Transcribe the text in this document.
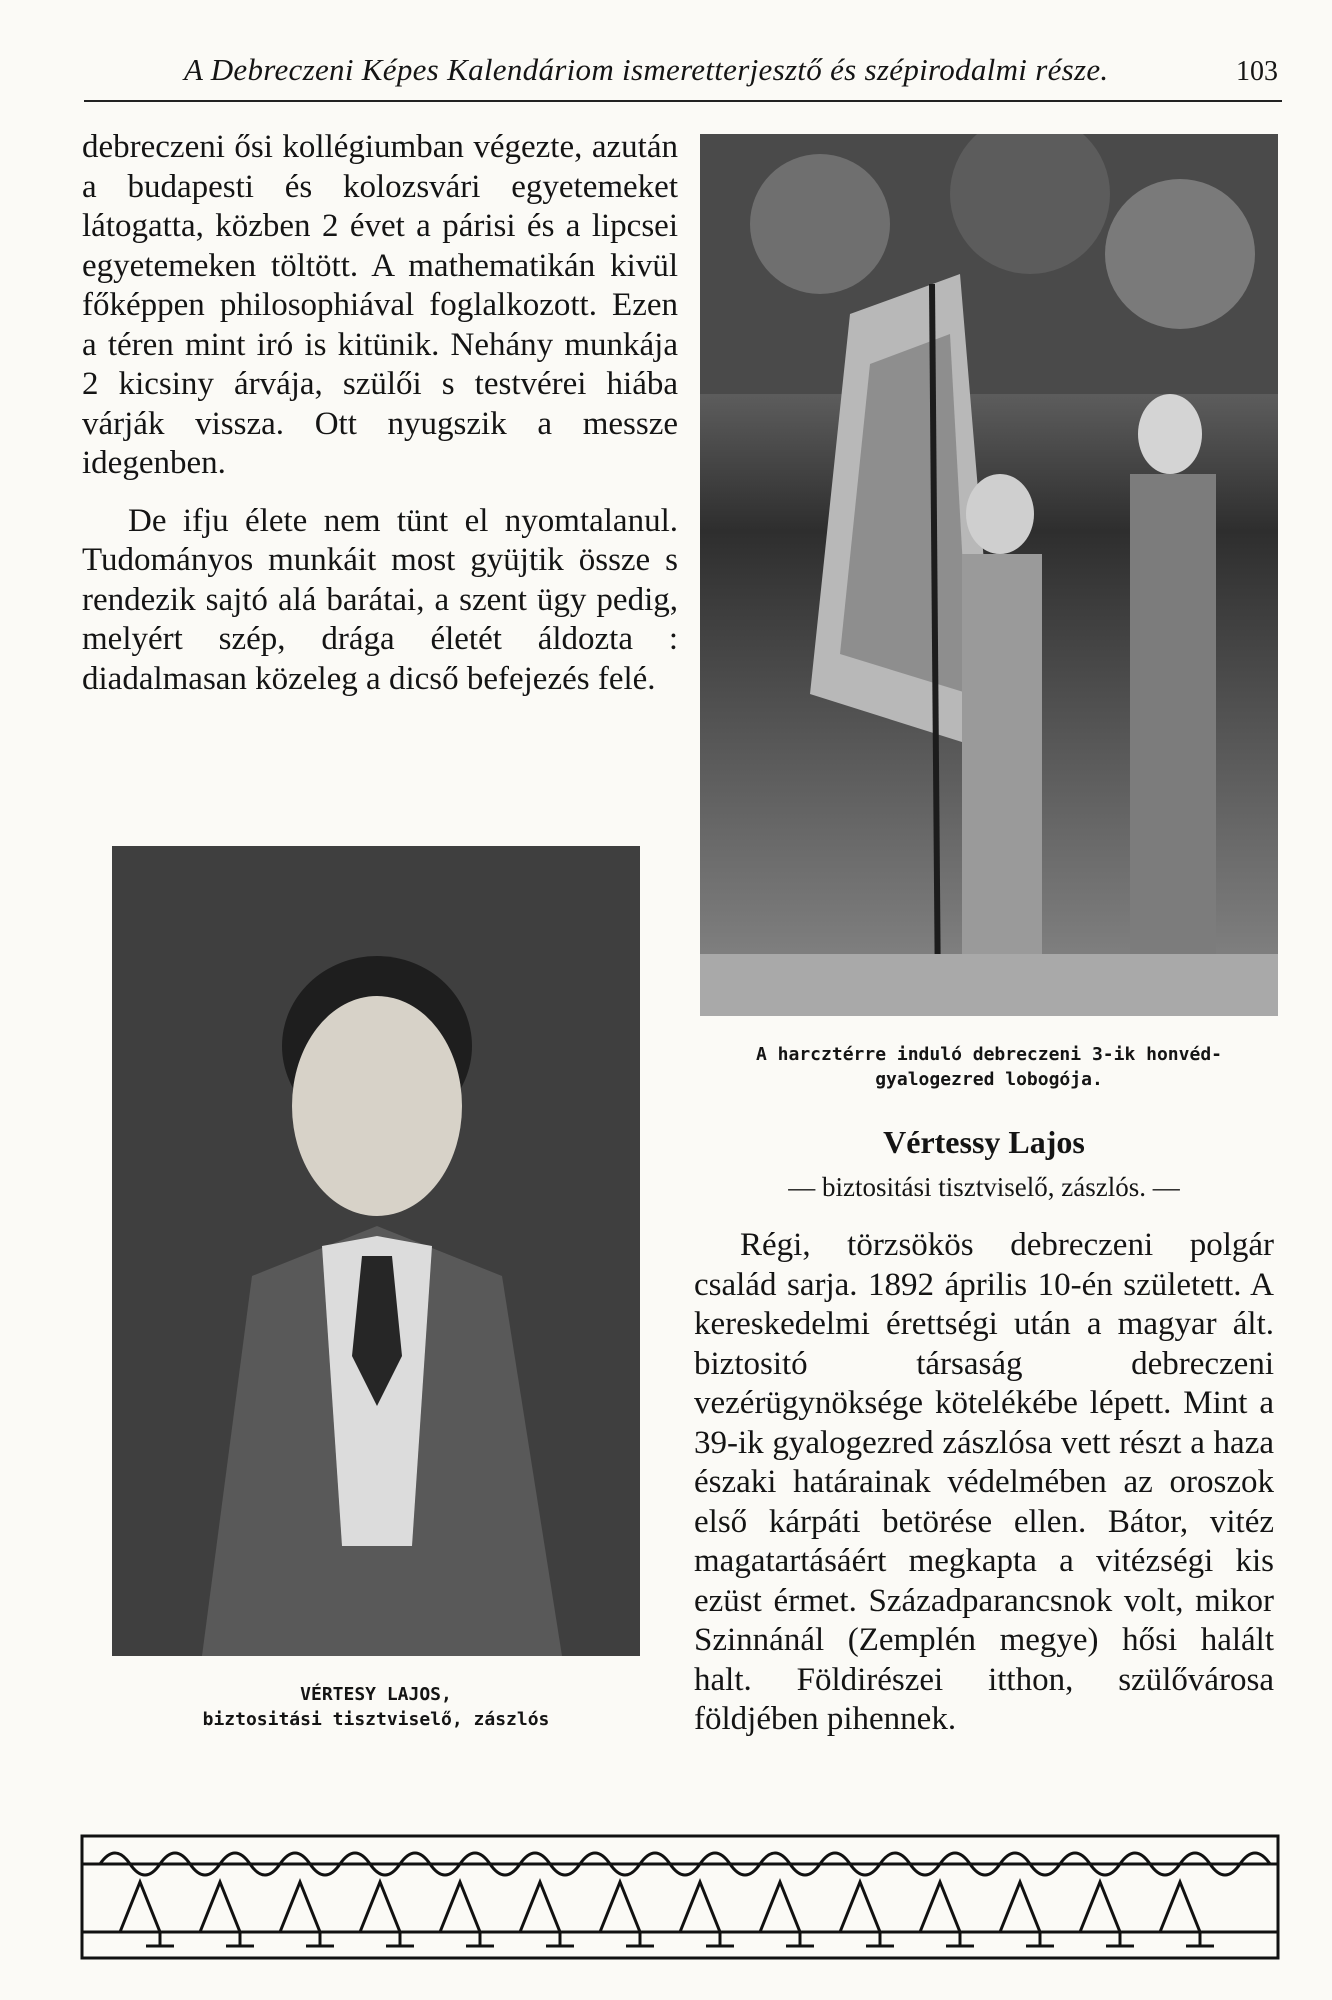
A Debreczeni Képes Kalendáriom ismeretterjesztő és szépirodalmi része.	103

debreczeni ősi kollégiumban végezte, azután a budapesti és kolozsvári egyetemeket látogatta, közben 2 évet a párisi és a lipcsei egyetemeken töltött. A mathematikán kivül főképpen philosophiával foglalkozott. Ezen a téren mint iró is kitünik. Nehány munkája 2 kicsiny árvája, szülői s testvérei hiába várják vissza. Ott nyugszik a messze idegenben.

De ifju élete nem tünt el nyomtalanul. Tudományos munkáit most gyüjtik össze s rendezik sajtó alá barátai, a szent ügy pedig, melyért szép, drága életét áldozta : diadalmasan közeleg a dicső befejezés felé.

A harcztérre induló debreczeni 3-ik honvéd-
gyalogezred lobogója.
VÉRTESY LAJOS,
biztositási tisztviselő, zászlós
Vértessy Lajos
— biztositási tisztviselő, zászlós. —

Régi, törzsökös debreczeni polgár család sarja. 1892 április 10-én született. A kereskedelmi érettségi után a magyar ált. biztositó társaság debreczeni vezérügynöksége kötelékébe lépett. Mint a 39-ik gyalogezred zászlósa vett részt a haza északi határainak védelmében az oroszok első kárpáti betörése ellen. Bátor, vitéz magatartásáért megkapta a vitézségi kis ezüst érmet. Századparancsnok volt, mikor Szinnánál (Zemplén megye) hősi halált halt. Földirészei itthon, szülővárosa földjében pihennek.
